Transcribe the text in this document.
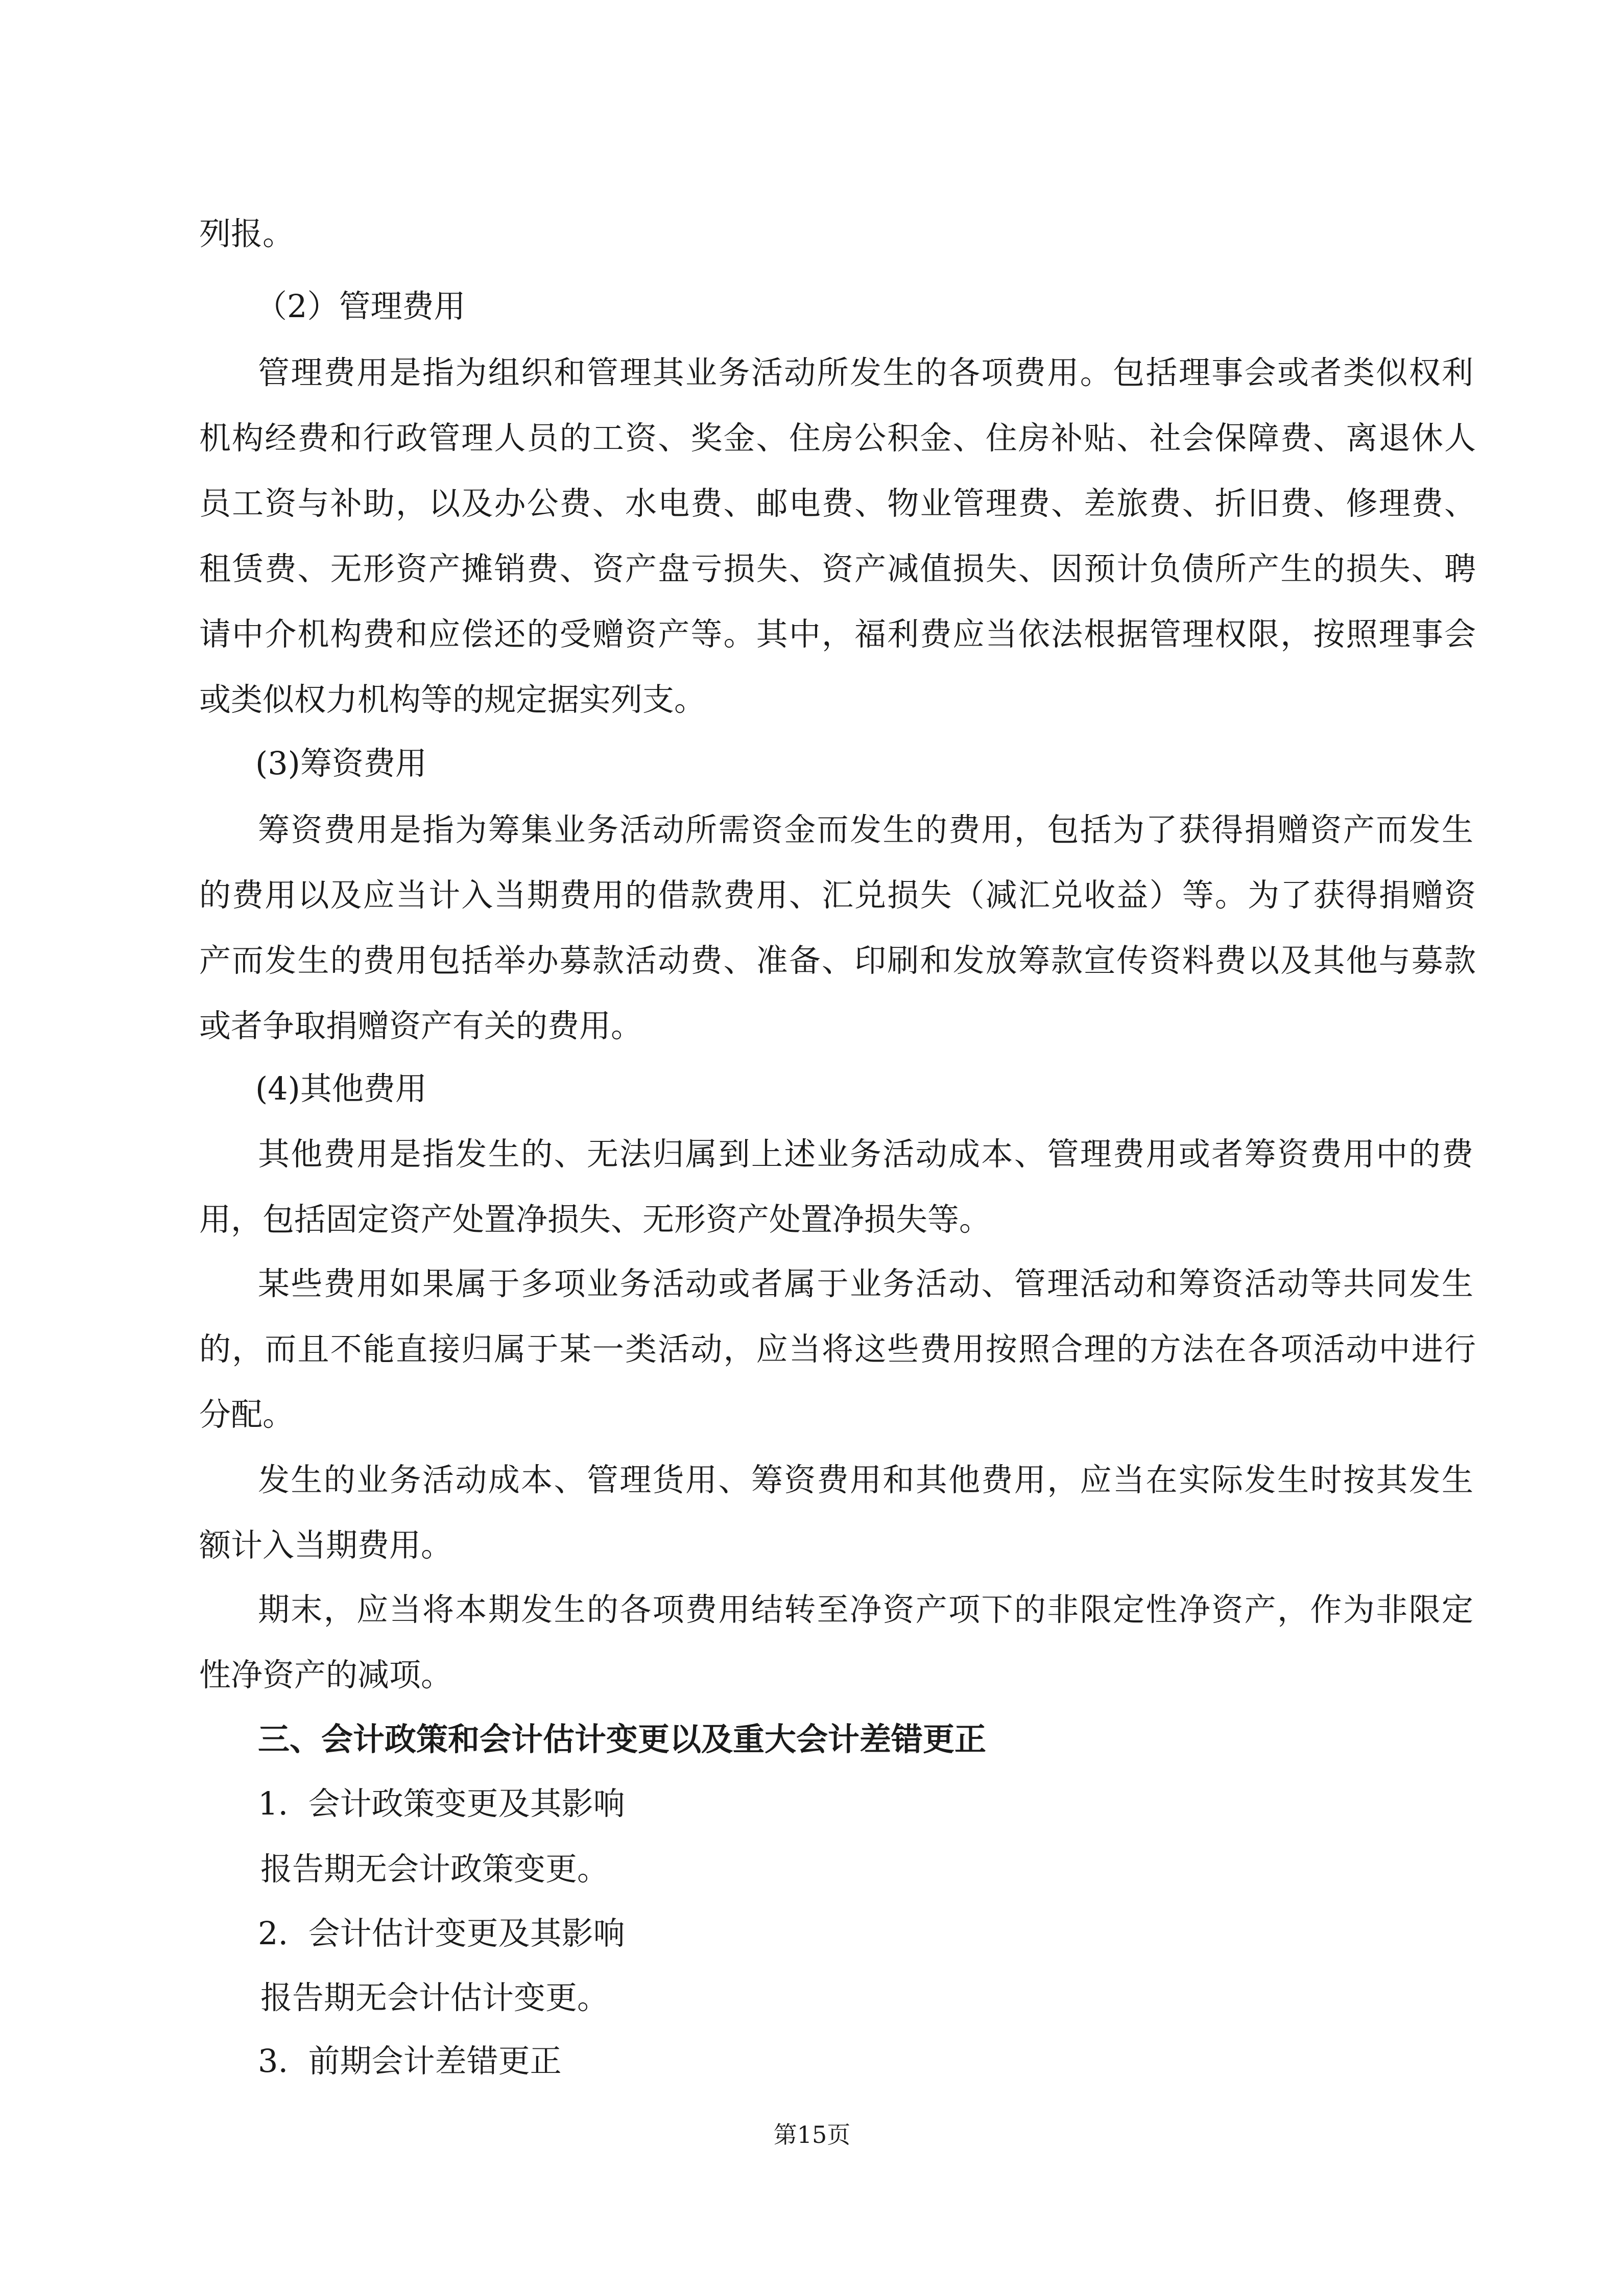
列报。
（2）管理费用
管理费用是指为组织和管理其业务活动所发生的各项费用。包括理事会或者类似权利
机构经费和行政管理人员的工资、奖金、住房公积金、住房补贴、社会保障费、离退休人
员工资与补助，以及办公费、水电费、邮电费、物业管理费、差旅费、折旧费、修理费、
租赁费、无形资产摊销费、资产盘亏损失、资产减值损失、因预计负债所产生的损失、聘
请中介机构费和应偿还的受赠资产等。其中，福利费应当依法根据管理权限，按照理事会
或类似权力机构等的规定据实列支。
(3)筹资费用
筹资费用是指为筹集业务活动所需资金而发生的费用，包括为了获得捐赠资产而发生
的费用以及应当计入当期费用的借款费用、汇兑损失（减汇兑收益）等。为了获得捐赠资
产而发生的费用包括举办募款活动费、准备、印刷和发放筹款宣传资料费以及其他与募款
或者争取捐赠资产有关的费用。
(4)其他费用
其他费用是指发生的、无法归属到上述业务活动成本、管理费用或者筹资费用中的费
用，包括固定资产处置净损失、无形资产处置净损失等。
某些费用如果属于多项业务活动或者属于业务活动、管理活动和筹资活动等共同发生
的，而且不能直接归属于某一类活动，应当将这些费用按照合理的方法在各项活动中进行
分配。
发生的业务活动成本、管理货用、筹资费用和其他费用，应当在实际发生时按其发生
额计入当期费用。
期末，应当将本期发生的各项费用结转至净资产项下的非限定性净资产，作为非限定
性净资产的减项。
三、会计政策和会计估计变更以及重大会计差错更正
1.  会计政策变更及其影响
报告期无会计政策变更。
2.  会计估计变更及其影响
报告期无会计估计变更。
3.  前期会计差错更正
第15页
